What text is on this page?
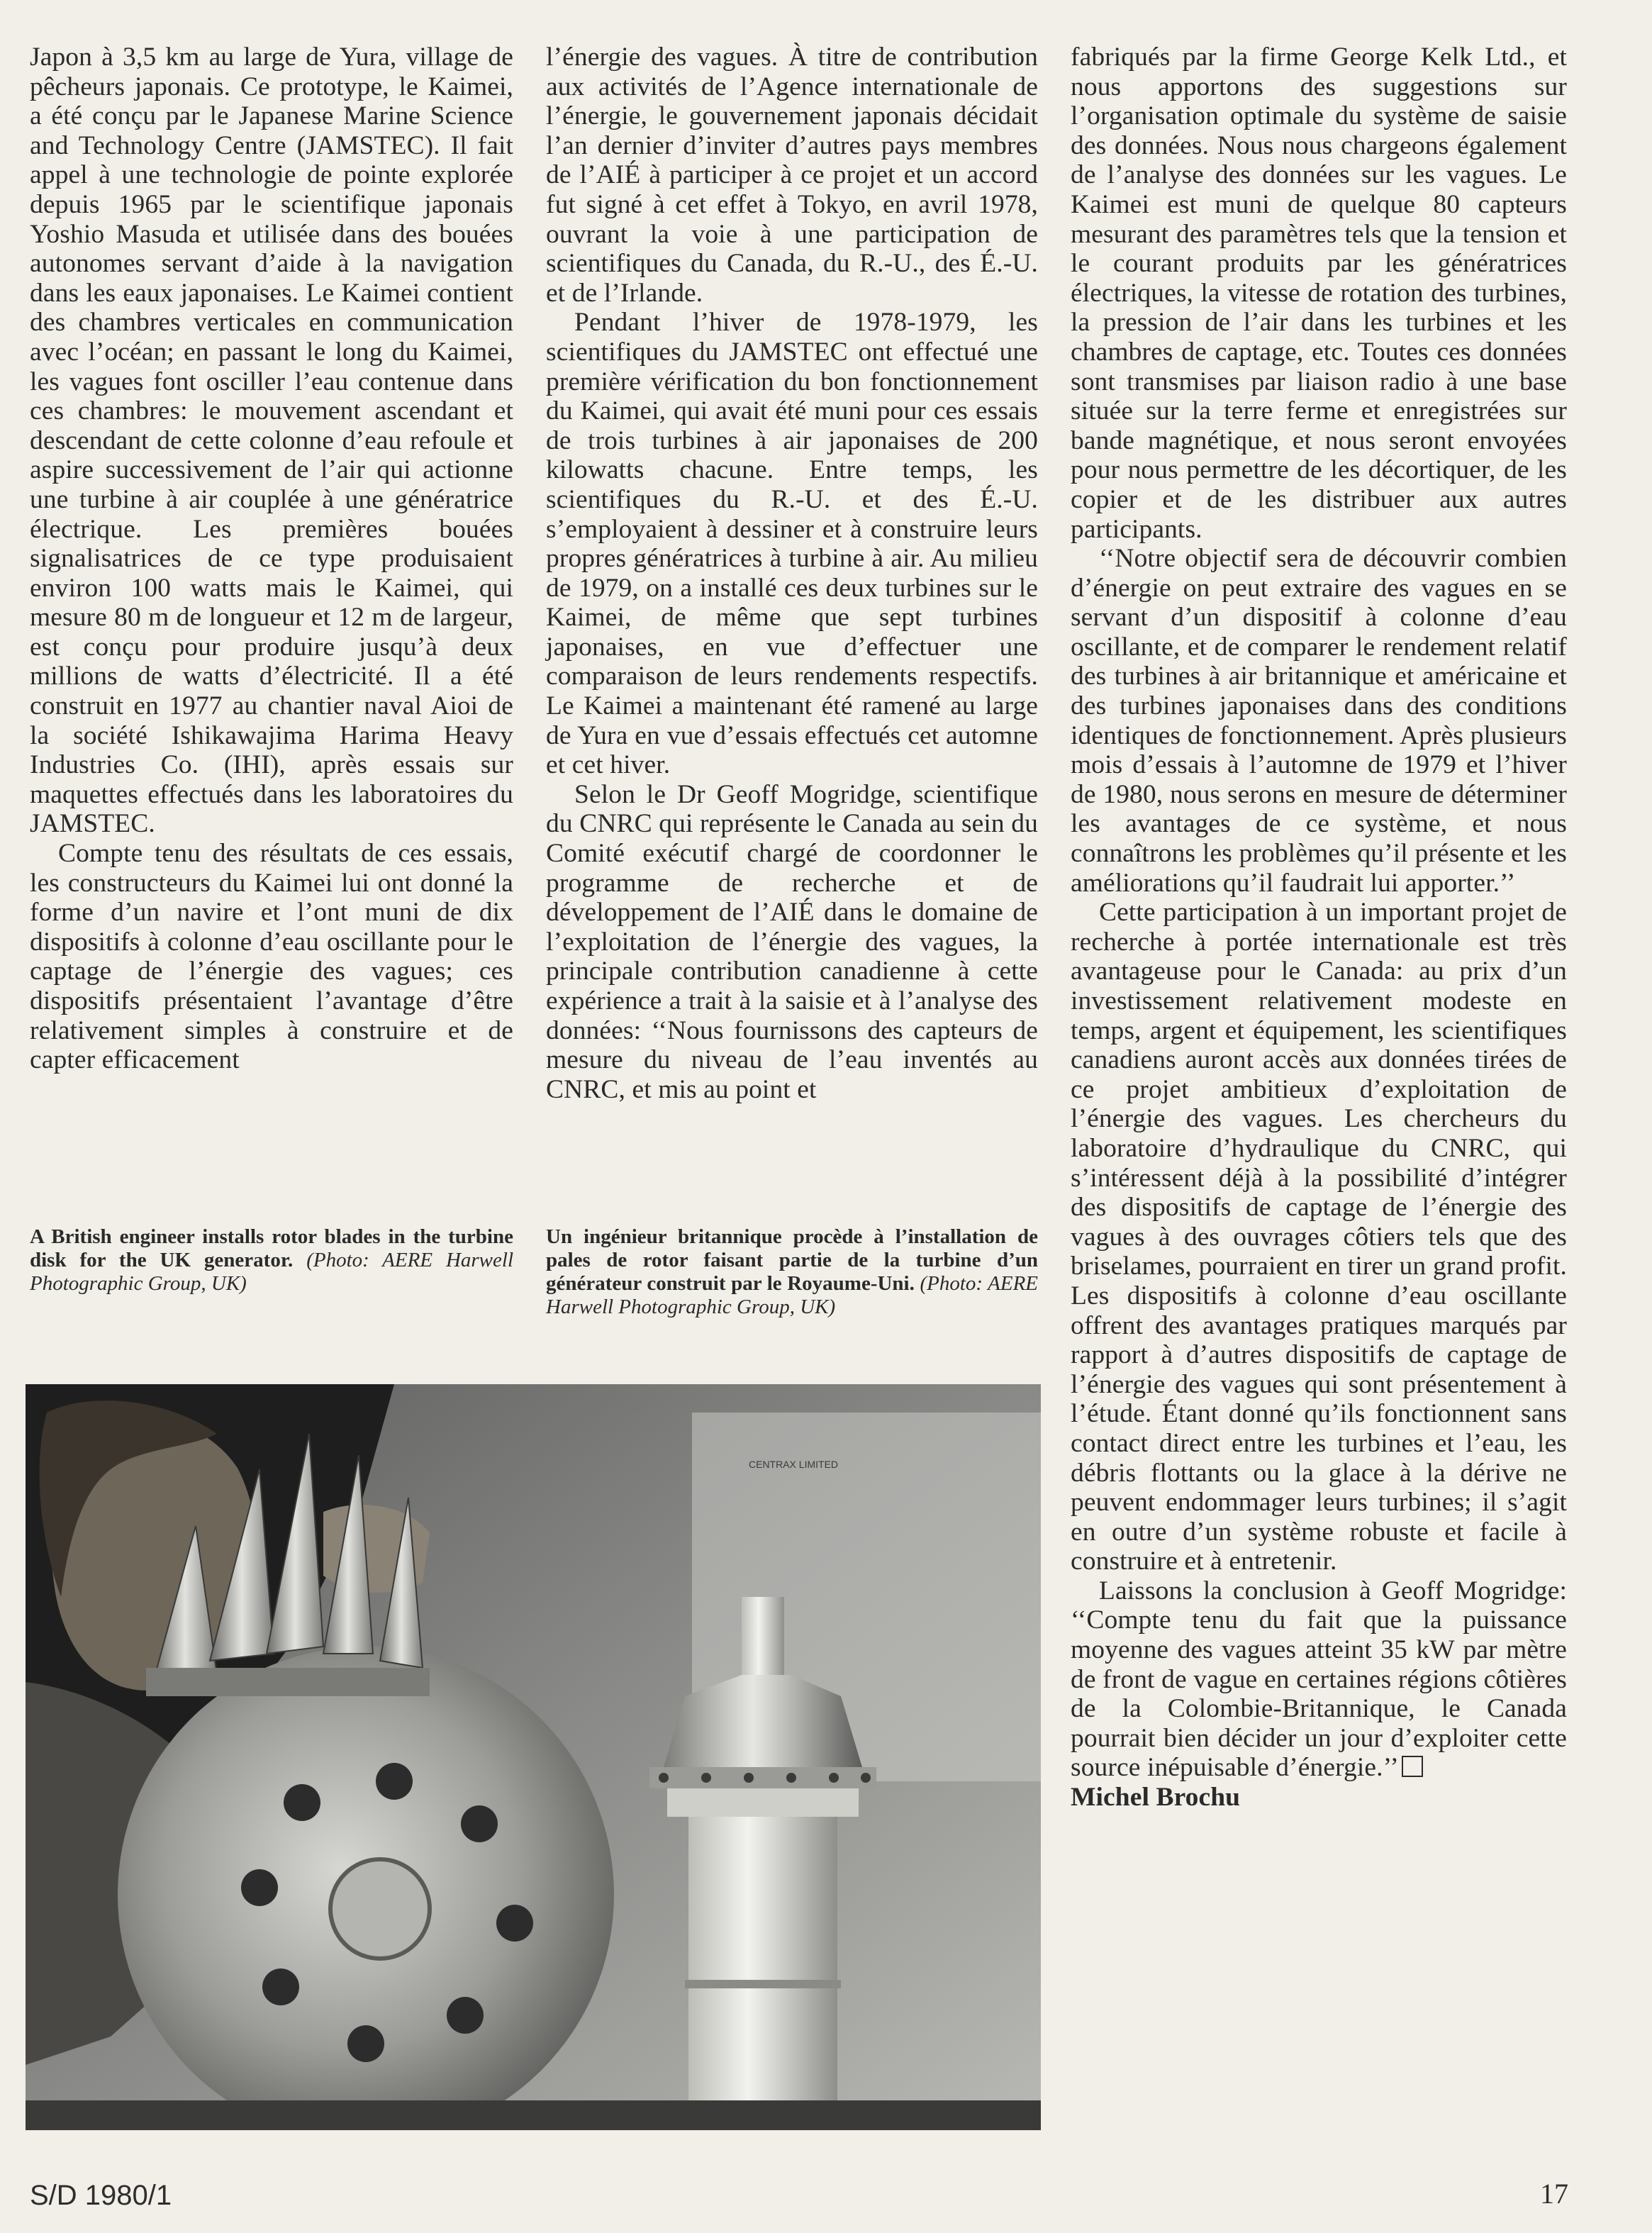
Japon à 3,5 km au large de Yura, village de pêcheurs japonais. Ce prototype, le Kaimei, a été conçu par le Japanese Marine Science and Technology Centre (JAMSTEC). Il fait appel à une technologie de pointe explorée depuis 1965 par le scientifique japonais Yoshio Masuda et utilisée dans des bouées autonomes servant d’aide à la navigation dans les eaux japonaises. Le Kaimei contient des chambres verticales en communication avec l’océan; en passant le long du Kaimei, les vagues font osciller l’eau contenue dans ces chambres: le mouvement ascendant et descendant de cette colonne d’eau refoule et aspire successivement de l’air qui actionne une turbine à air couplée à une génératrice électrique. Les premières bouées signalisatrices de ce type produisaient environ 100 watts mais le Kaimei, qui mesure 80 m de longueur et 12 m de largeur, est conçu pour produire jusqu’à deux millions de watts d’électricité. Il a été construit en 1977 au chantier naval Aioi de la société Ishikawajima Harima Heavy Industries Co. (IHI), après essais sur maquettes effectués dans les laboratoires du JAMSTEC.

Compte tenu des résultats de ces essais, les constructeurs du Kaimei lui ont donné la forme d’un navire et l’ont muni de dix dispositifs à colonne d’eau oscillante pour le captage de l’énergie des vagues; ces dispositifs présentaient l’avantage d’être relativement simples à construire et de capter efficacement

l’énergie des vagues. À titre de contribution aux activités de l’Agence internationale de l’énergie, le gouvernement japonais décidait l’an dernier d’inviter d’autres pays membres de l’AIÉ à participer à ce projet et un accord fut signé à cet effet à Tokyo, en avril 1978, ouvrant la voie à une participation de scientifiques du Canada, du R.-U., des É.-U. et de l’Irlande.

Pendant l’hiver de 1978-1979, les scientifiques du JAMSTEC ont effectué une première vérification du bon fonctionnement du Kaimei, qui avait été muni pour ces essais de trois turbines à air japonaises de 200 kilowatts chacune. Entre temps, les scientifiques du R.-U. et des É.-U. s’employaient à dessiner et à construire leurs propres génératrices à turbine à air. Au milieu de 1979, on a installé ces deux turbines sur le Kaimei, de même que sept turbines japonaises, en vue d’effectuer une comparaison de leurs rendements respectifs. Le Kaimei a maintenant été ramené au large de Yura en vue d’essais effectués cet automne et cet hiver.

Selon le Dr Geoff Mogridge, scientifique du CNRC qui représente le Canada au sein du Comité exécutif chargé de coordonner le programme de recherche et de développement de l’AIÉ dans le domaine de l’exploitation de l’énergie des vagues, la principale contribution canadienne à cette expérience a trait à la saisie et à l’analyse des données: ‘‘Nous fournissons des capteurs de mesure du niveau de l’eau inventés au CNRC, et mis au point et

fabriqués par la firme George Kelk Ltd., et nous apportons des suggestions sur l’organisation optimale du système de saisie des données. Nous nous chargeons également de l’analyse des données sur les vagues. Le Kaimei est muni de quelque 80 capteurs mesurant des paramètres tels que la tension et le courant produits par les génératrices électriques, la vitesse de rotation des turbines, la pression de l’air dans les turbines et les chambres de captage, etc. Toutes ces données sont transmises par liaison radio à une base située sur la terre ferme et enregistrées sur bande magnétique, et nous seront envoyées pour nous permettre de les décortiquer, de les copier et de les distribuer aux autres participants.

‘‘Notre objectif sera de découvrir combien d’énergie on peut extraire des vagues en se servant d’un dispositif à colonne d’eau oscillante, et de comparer le rendement relatif des turbines à air britannique et américaine et des turbines japonaises dans des conditions identiques de fonctionnement. Après plusieurs mois d’essais à l’automne de 1979 et l’hiver de 1980, nous serons en mesure de déterminer les avantages de ce système, et nous connaîtrons les problèmes qu’il présente et les améliorations qu’il faudrait lui apporter.’’

Cette participation à un important projet de recherche à portée internationale est très avantageuse pour le Canada: au prix d’un investissement relativement modeste en temps, argent et équipement, les scientifiques canadiens auront accès aux données tirées de ce projet ambitieux d’exploitation de l’énergie des vagues. Les chercheurs du laboratoire d’hydraulique du CNRC, qui s’intéressent déjà à la possibilité d’intégrer des dispositifs de captage de l’énergie des vagues à des ouvrages côtiers tels que des briselames, pourraient en tirer un grand profit. Les dispositifs à colonne d’eau oscillante offrent des avantages pratiques marqués par rapport à d’autres dispositifs de captage de l’énergie des vagues qui sont présentement à l’étude. Étant donné qu’ils fonctionnent sans contact direct entre les turbines et l’eau, les débris flottants ou la glace à la dérive ne peuvent endommager leurs turbines; il s’agit en outre d’un système robuste et facile à construire et à entretenir.

Laissons la conclusion à Geoff Mogridge: ‘‘Compte tenu du fait que la puissance moyenne des vagues atteint 35 kW par mètre de front de vague en certaines régions côtières de la Colombie-Britannique, le Canada pourrait bien décider un jour d’exploiter cette source inépuisable d’énergie.’’

Michel Brochu

A British engineer installs rotor blades in the turbine disk for the UK generator. (Photo: AERE Harwell Photographic Group, UK)
Un ingénieur britannique procède à l’installation de pales de rotor faisant partie de la turbine d’un générateur construit par le Royaume-Uni. (Photo: AERE Harwell Photographic Group, UK)
CENTRAX LIMITED
S/D 1980/1	17
